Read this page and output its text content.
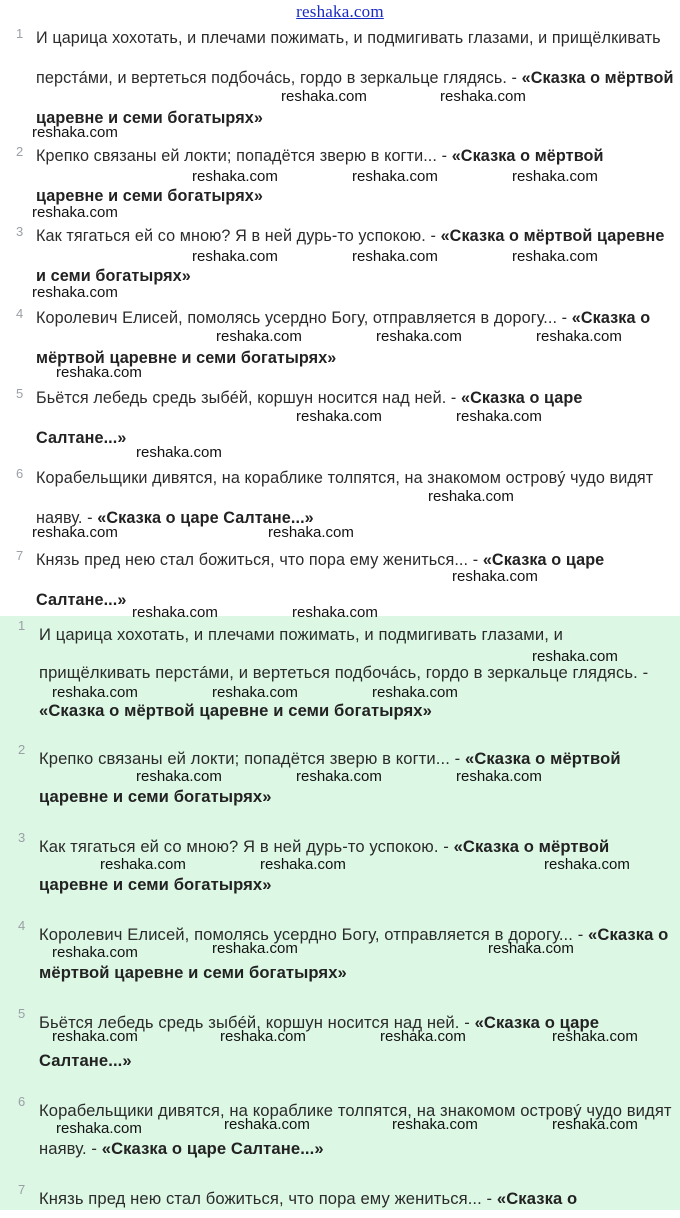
reshaka.com
1 И царица хохотать, и плечами пожимать, и подмигивать глазами, и прищёлкивать перстáми, и вертеться подбочáсь, гордо в зеркальце глядясь. - «Сказка о мёртвой царевне и семи богатырях»
2 Крепко связаны ей локти; попадётся зверю в когти... - «Сказка о мёртвой царевне и семи богатырях»
3 Как тягаться ей со мною? Я в ней дурь-то успокою. - «Сказка о мёртвой царевне и семи богатырях»
4 Королевич Елисей, помолясь усердно Богу, отправляется в дорогу... - «Сказка о мёртвой царевне и семи богатырях»
5 Бьётся лебедь средь зыбéй, коршун носится над ней. - «Сказка о царе Салтане...»
6 Корабельщики дивятся, на кораблике толпятся, на знакомом островý чудо видят наяву. - «Сказка о царе Салтане...»
7 Князь пред нею стал божиться, что пора ему жениться... - «Сказка о царе Салтане...»
1 И царица хохотать, и плечами пожимать, и подмигивать глазами, и прищёлкивать перстáми, и вертеться подбочáсь, гордо в зеркальце глядясь. - «Сказка о мёртвой царевне и семи богатырях»
2 Крепко связаны ей локти; попадётся зверю в когти... - «Сказка о мёртвой царевне и семи богатырях»
3 Как тягаться ей со мною? Я в ней дурь-то успокою. - «Сказка о мёртвой царевне и семи богатырях»
4 Королевич Елисей, помолясь усердно Богу, отправляется в дорогу... - «Сказка о мёртвой царевне и семи богатырях»
5 Бьётся лебедь средь зыбéй, коршун носится над ней. - «Сказка о царе Салтане...»
6 Корабельщики дивятся, на кораблике толпятся, на знакомом островý чудо видят наяву. - «Сказка о царе Салтане...»
7 Князь пред нею стал божиться, что пора ему жениться... - «Сказка о
reshaka.com	reshaka.com
reshaka.com
reshaka.com	reshaka.com	reshaka.com
reshaka.com
reshaka.com	reshaka.com	reshaka.com
reshaka.com
reshaka.com	reshaka.com	reshaka.com
reshaka.com
reshaka.com	reshaka.com
reshaka.com
reshaka.com
reshaka.com	reshaka.com
reshaka.com
reshaka.com	reshaka.com
reshaka.com
reshaka.com	reshaka.com	reshaka.com
reshaka.com	reshaka.com	reshaka.com
reshaka.com	reshaka.com	reshaka.com
reshaka.com	reshaka.com	reshaka.com
reshaka.com	reshaka.com	reshaka.com	reshaka.com
reshaka.com	reshaka.com	reshaka.com	reshaka.com
